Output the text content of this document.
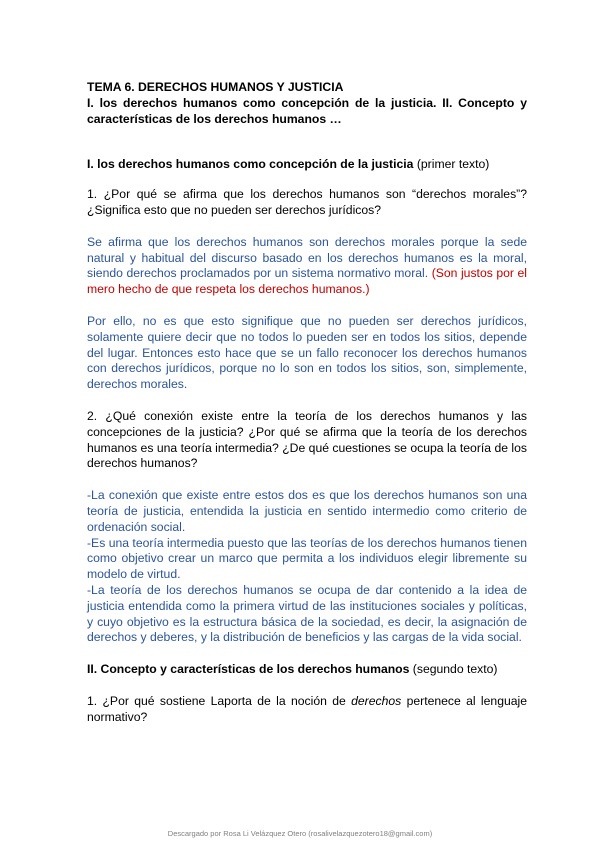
TEMA 6. DERECHOS HUMANOS Y JUSTICIA

I. los derechos humanos como concepción de la justicia. II. Concepto y características de los derechos humanos …

I. los derechos humanos como concepción de la justicia (primer texto)

1. ¿Por qué se afirma que los derechos humanos son “derechos morales”? ¿Significa esto que no pueden ser derechos jurídicos?

Se afirma que los derechos humanos son derechos morales porque la sede natural y habitual del discurso basado en los derechos humanos es la moral, siendo derechos proclamados por un sistema normativo moral. (Son justos por el mero hecho de que respeta los derechos humanos.)

Por ello, no es que esto signifique que no pueden ser derechos jurídicos, solamente quiere decir que no todos lo pueden ser en todos los sitios, depende del lugar. Entonces esto hace que se un fallo reconocer los derechos humanos con derechos jurídicos, porque no lo son en todos los sitios, son, simplemente, derechos morales.

2. ¿Qué conexión existe entre la teoría de los derechos humanos y las concepciones de la justicia? ¿Por qué se afirma que la teoría de los derechos humanos es una teoría intermedia? ¿De qué cuestiones se ocupa la teoría de los derechos humanos?

-La conexión que existe entre estos dos es que los derechos humanos son una teoría de justicia, entendida la justicia en sentido intermedio como criterio de ordenación social.

-Es una teoría intermedia puesto que las teorías de los derechos humanos tienen como objetivo crear un marco que permita a los individuos elegir libremente su modelo de virtud.

-La teoría de los derechos humanos se ocupa de dar contenido a la idea de justicia entendida como la primera virtud de las instituciones sociales y políticas, y cuyo objetivo es la estructura básica de la sociedad, es decir, la asignación de derechos y deberes, y la distribución de beneficios y las cargas de la vida social.

II. Concepto y características de los derechos humanos (segundo texto)

1. ¿Por qué sostiene Laporta de la noción de derechos pertenece al lenguaje normativo?

Descargado por Rosa Li Velázquez Otero (rosalivelazquezotero18@gmail.com)
